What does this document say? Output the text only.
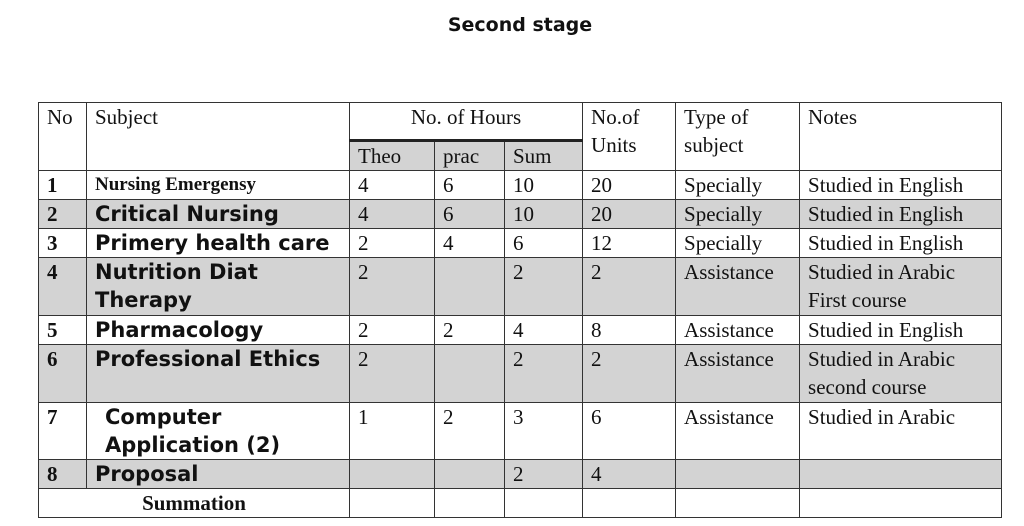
Second stage
No	Subject	No. of Hours			No.of Units	Type of subject	Notes
		Theo	prac	Sum			
1	Nursing Emergensy	4	6	10	20	Specially	Studied in English
2	Critical Nursing	4	6	10	20	Specially	Studied in English
3	Primery health care	2	4	6	12	Specially	Studied in English
4	Nutrition Diat Therapy	2		2	2	Assistance	Studied in Arabic First course
5	Pharmacology	2	2	4	8	Assistance	Studied in English
6	Professional Ethics	2		2	2	Assistance	Studied in Arabic second course
7	Computer Application (2)	1	2	3	6	Assistance	Studied in Arabic
8	Proposal			2	4		
Summation							
